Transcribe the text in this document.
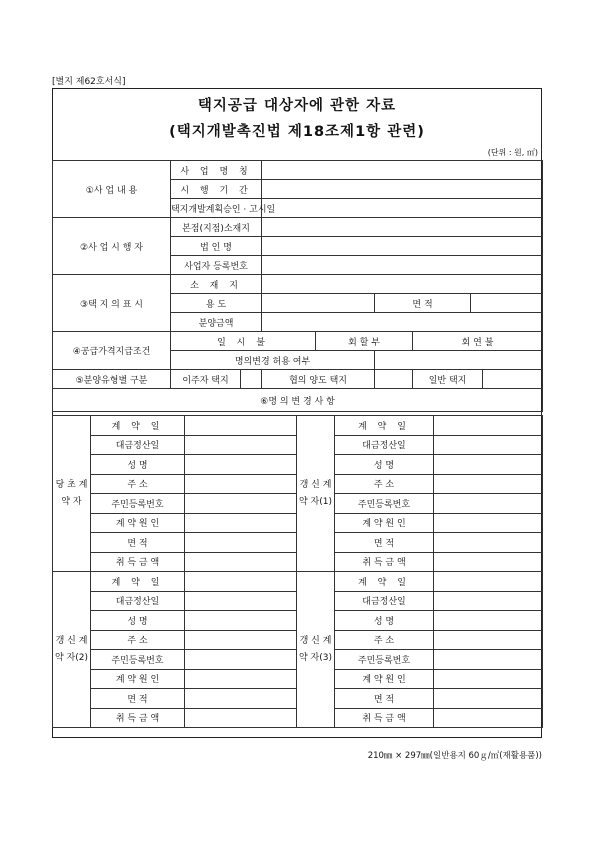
[별지 제62호서식]
택지공급 대상자에 관한 자료
(택지개발촉진법 제18조제1항 관련)
(단위 : 원, ㎡)
①사 업 내 용	사 업 명 칭							
	시 행 기 간							
	택지개발계획승인 · 고시일							
②사 업 시 행 자	본점(지점)소재지							
	법 인 명							
	사업자 등록번호							
③택 지 의 표 시	소 재 지							
	용 도				면 적			
	분양금액							
④공급가격지급조건	일 시 불			회 할 부		회 연 불		
	명의변경 허용 여부							
⑤분양유형별 구분	이주자 택지		협의 양도 택지			일반 택지		
⑥명 의 변 경 사 항								
당 초 계 약 자	계 약 일		갱 신 계 약 자(1)	계 약 일	
	대금정산일			대금정산일	
	성 명			성 명	
	주 소			주 소	
	주민등록번호			주민등록번호	
	계 약 원 인			계 약 원 인	
	면 적			면 적	
	취 득 금 액			취 득 금 액	
갱 신 계 약 자(2)	계 약 일		갱 신 계 약 자(3)	계 약 일	
	대금정산일			대금정산일	
	성 명			성 명	
	주 소			주 소	
	주민등록번호			주민등록번호	
	계 약 원 인			계 약 원 인	
	면 적			면 적	
	취 득 금 액			취 득 금 액	
210㎜ × 297㎜(일반용지 60ｇ/㎡(재활용품))
